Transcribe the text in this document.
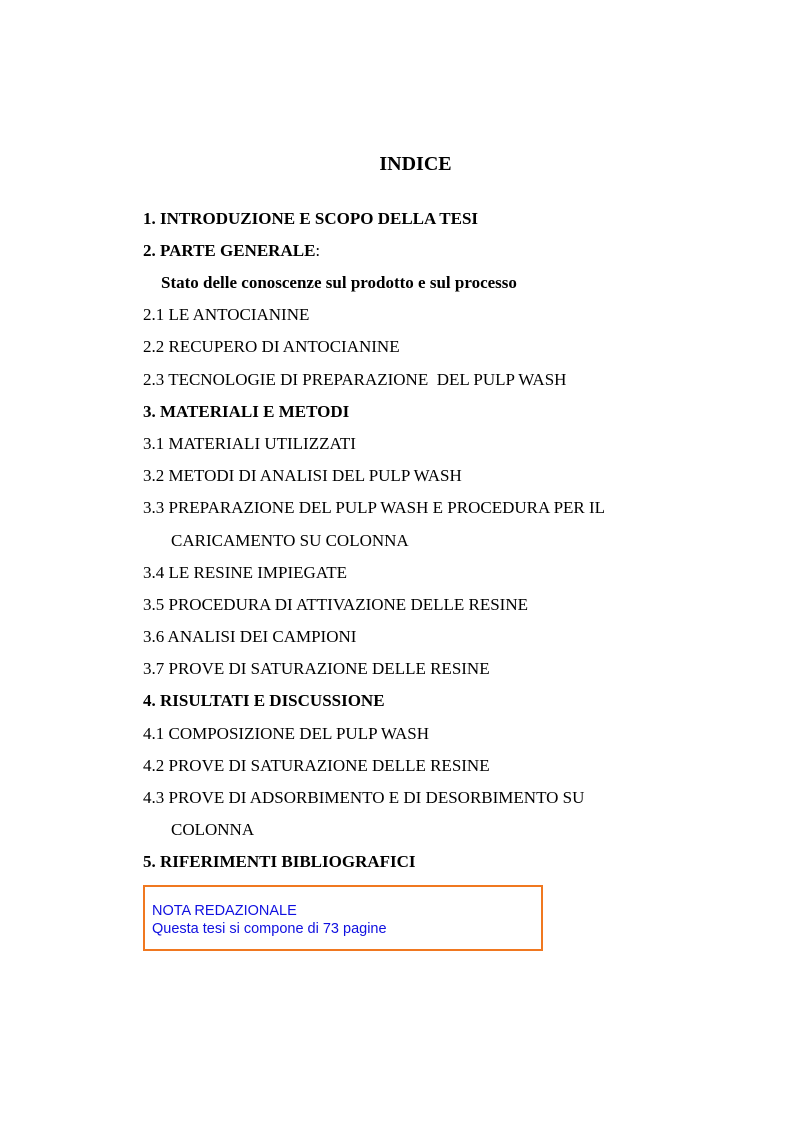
INDICE
1. INTRODUZIONE E SCOPO DELLA TESI
2. PARTE GENERALE:
Stato delle conoscenze sul prodotto e sul processo
2.1 LE ANTOCIANINE
2.2 RECUPERO DI ANTOCIANINE
2.3 TECNOLOGIE DI PREPARAZIONE  DEL PULP WASH
3. MATERIALI E METODI
3.1 MATERIALI UTILIZZATI
3.2 METODI DI ANALISI DEL PULP WASH
3.3 PREPARAZIONE DEL PULP WASH E PROCEDURA PER IL
CARICAMENTO SU COLONNA
3.4 LE RESINE IMPIEGATE
3.5 PROCEDURA DI ATTIVAZIONE DELLE RESINE
3.6 ANALISI DEI CAMPIONI
3.7 PROVE DI SATURAZIONE DELLE RESINE
4. RISULTATI E DISCUSSIONE
4.1 COMPOSIZIONE DEL PULP WASH
4.2 PROVE DI SATURAZIONE DELLE RESINE
4.3 PROVE DI ADSORBIMENTO E DI DESORBIMENTO SU
COLONNA
5. RIFERIMENTI BIBLIOGRAFICI
NOTA REDAZIONALE
Questa tesi si compone di 73 pagine
